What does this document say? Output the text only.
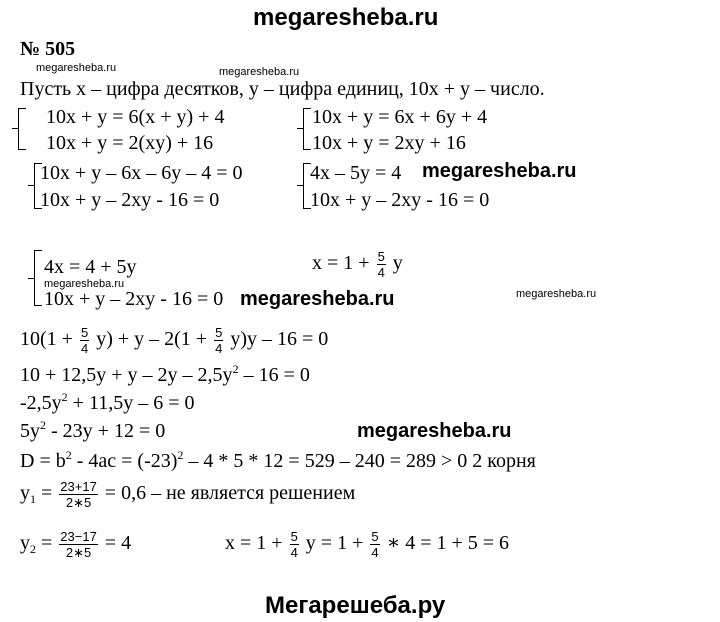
megaresheba.ru
megaresheba.ru	megaresheba.ru
megaresheba.ru
megaresheba.ru
megaresheba.ru	megaresheba.ru
megaresheba.ru
№ 505
Пусть х – цифра десятков, у – цифра единиц, 10х + у – число.
10x + y = 6(x + y) + 4
10x + y = 2(xy) + 16
10x + y = 6x + 6y + 4
10x + y = 2xy + 16
10x + y – 6x – 6y – 4 = 0
10x + y – 2xy - 16 = 0
4x – 5y = 4
10x + y – 2xy - 16 = 0
4x = 4 + 5y
10x + y – 2xy - 16 = 0
$x = 1 + \frac{5}{4}$ y
$10(1 + \frac{5}{4} y) + y - 2(1 + \frac{5}{4} y)y - 16 = 0$
$10 + 12,5y + y - 2y - 2,5y^2 - 16 = 0$
$-2,5y^2 + 11,5y - 6 = 0$
$5y^2 - 23y + 12 = 0$
$D = b^2 - 4ac = (-23)^2 - 4 * 5 * 12 = 529 - 240 = 289 > 0$ 2 корня
$y_1 = \frac{23+17}{2∗5} = 0,6$ – не является решением
$y_2 = \frac{23-17}{2∗5} = 4$	$x = 1 + \frac{5}{4}$ $y = 1 + \frac{5}{4}$ ∗ 4 = 1 + 5 = 6
Мегарешеба.ру
